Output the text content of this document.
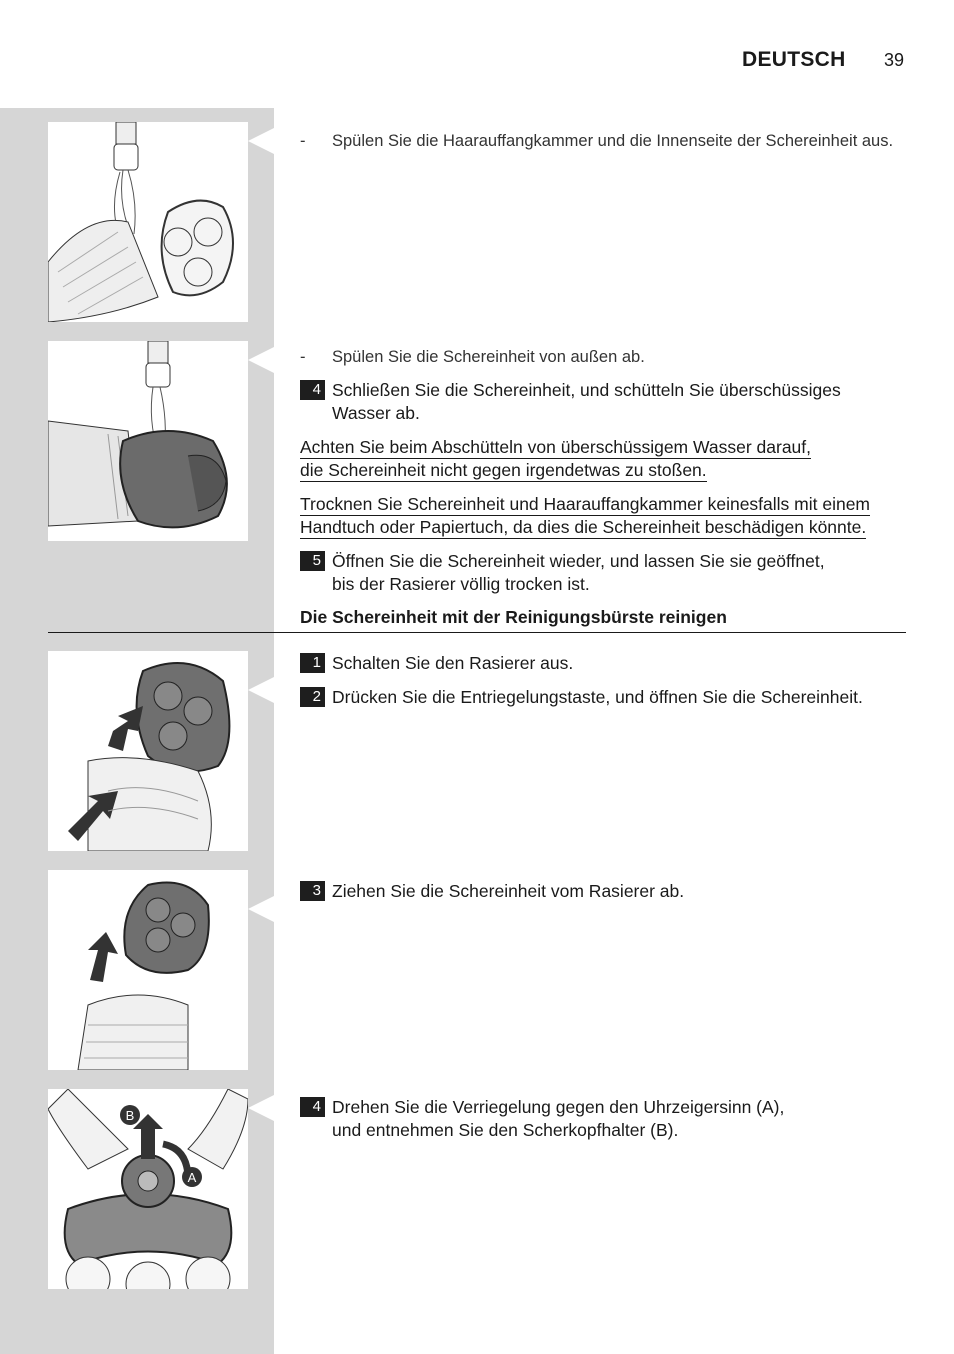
DEUTSCH 39
B
A
- Spülen Sie die Haarauffangkammer und die Innenseite der Schereinheit aus.
- Spülen Sie die Schereinheit von außen ab.
4 Schließen Sie die Schereinheit, und schütteln Sie überschüssiges
Wasser ab.
Achten Sie beim Abschütteln von überschüssigem Wasser darauf,
die Schereinheit nicht gegen irgendetwas zu stoßen.
Trocknen Sie Schereinheit und Haarauffangkammer keinesfalls mit einem
Handtuch oder Papiertuch, da dies die Schereinheit beschädigen könnte.
5 Öffnen Sie die Schereinheit wieder, und lassen Sie sie geöffnet,
bis der Rasierer völlig trocken ist.
Die Schereinheit mit der Reinigungsbürste reinigen
1 Schalten Sie den Rasierer aus.
2 Drücken Sie die Entriegelungstaste, und öffnen Sie die Schereinheit.
3 Ziehen Sie die Schereinheit vom Rasierer ab.
4 Drehen Sie die Verriegelung gegen den Uhrzeigersinn (A),
und entnehmen Sie den Scherkopfhalter (B).
